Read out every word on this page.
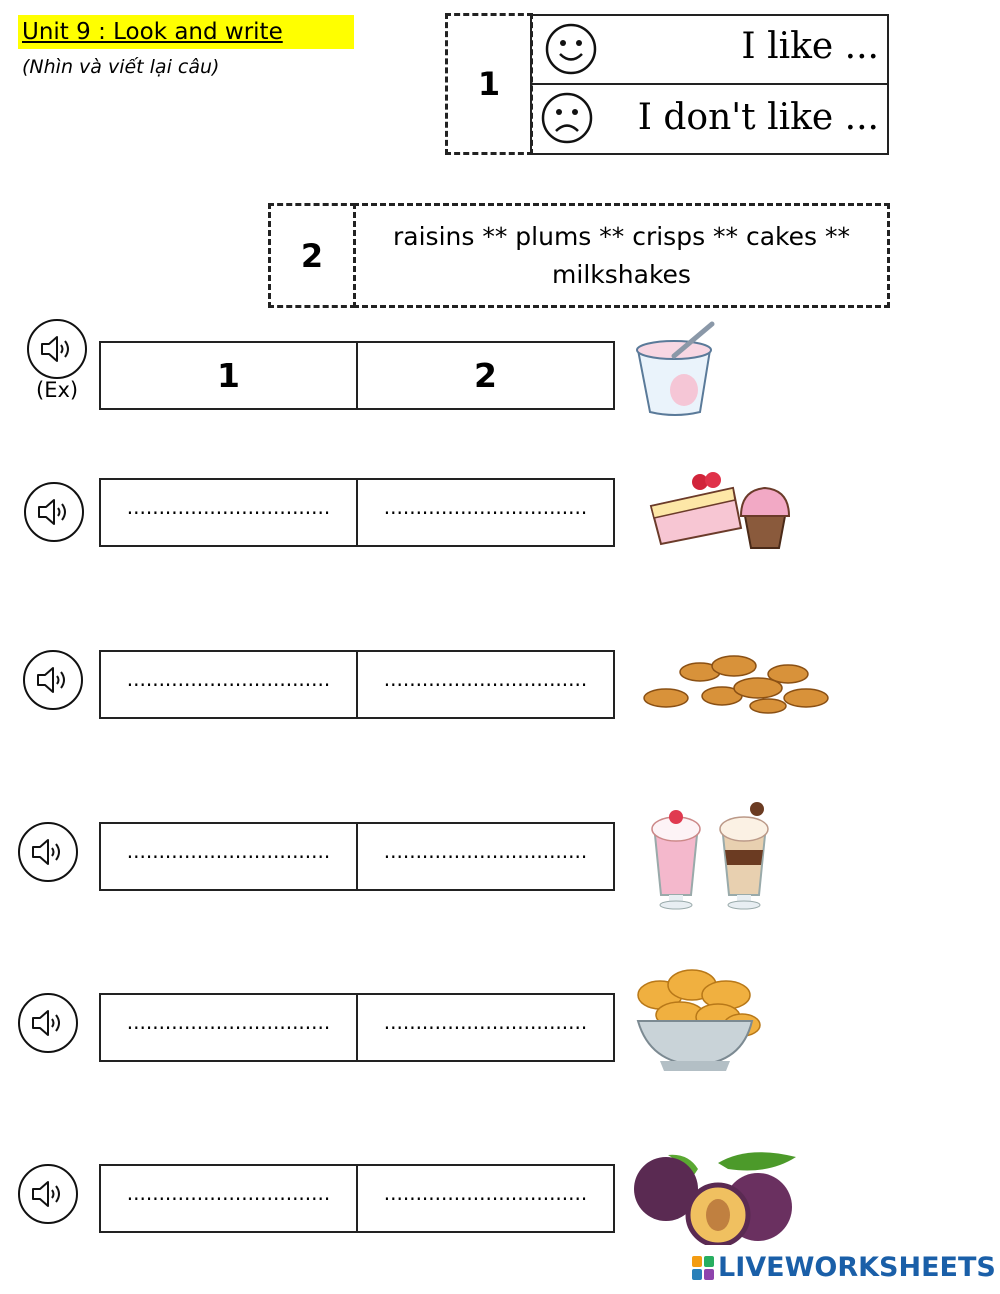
Unit 9 : Look and write
(Nhìn và viết lại câu)	1
I like ...
I don't like ...
2
raisins ** plums ** crisps ** cakes ** milkshakes
(Ex)	1	2
................................	................................
................................	................................
................................	................................
................................	................................
................................	................................
LIVEWORKSHEETS
